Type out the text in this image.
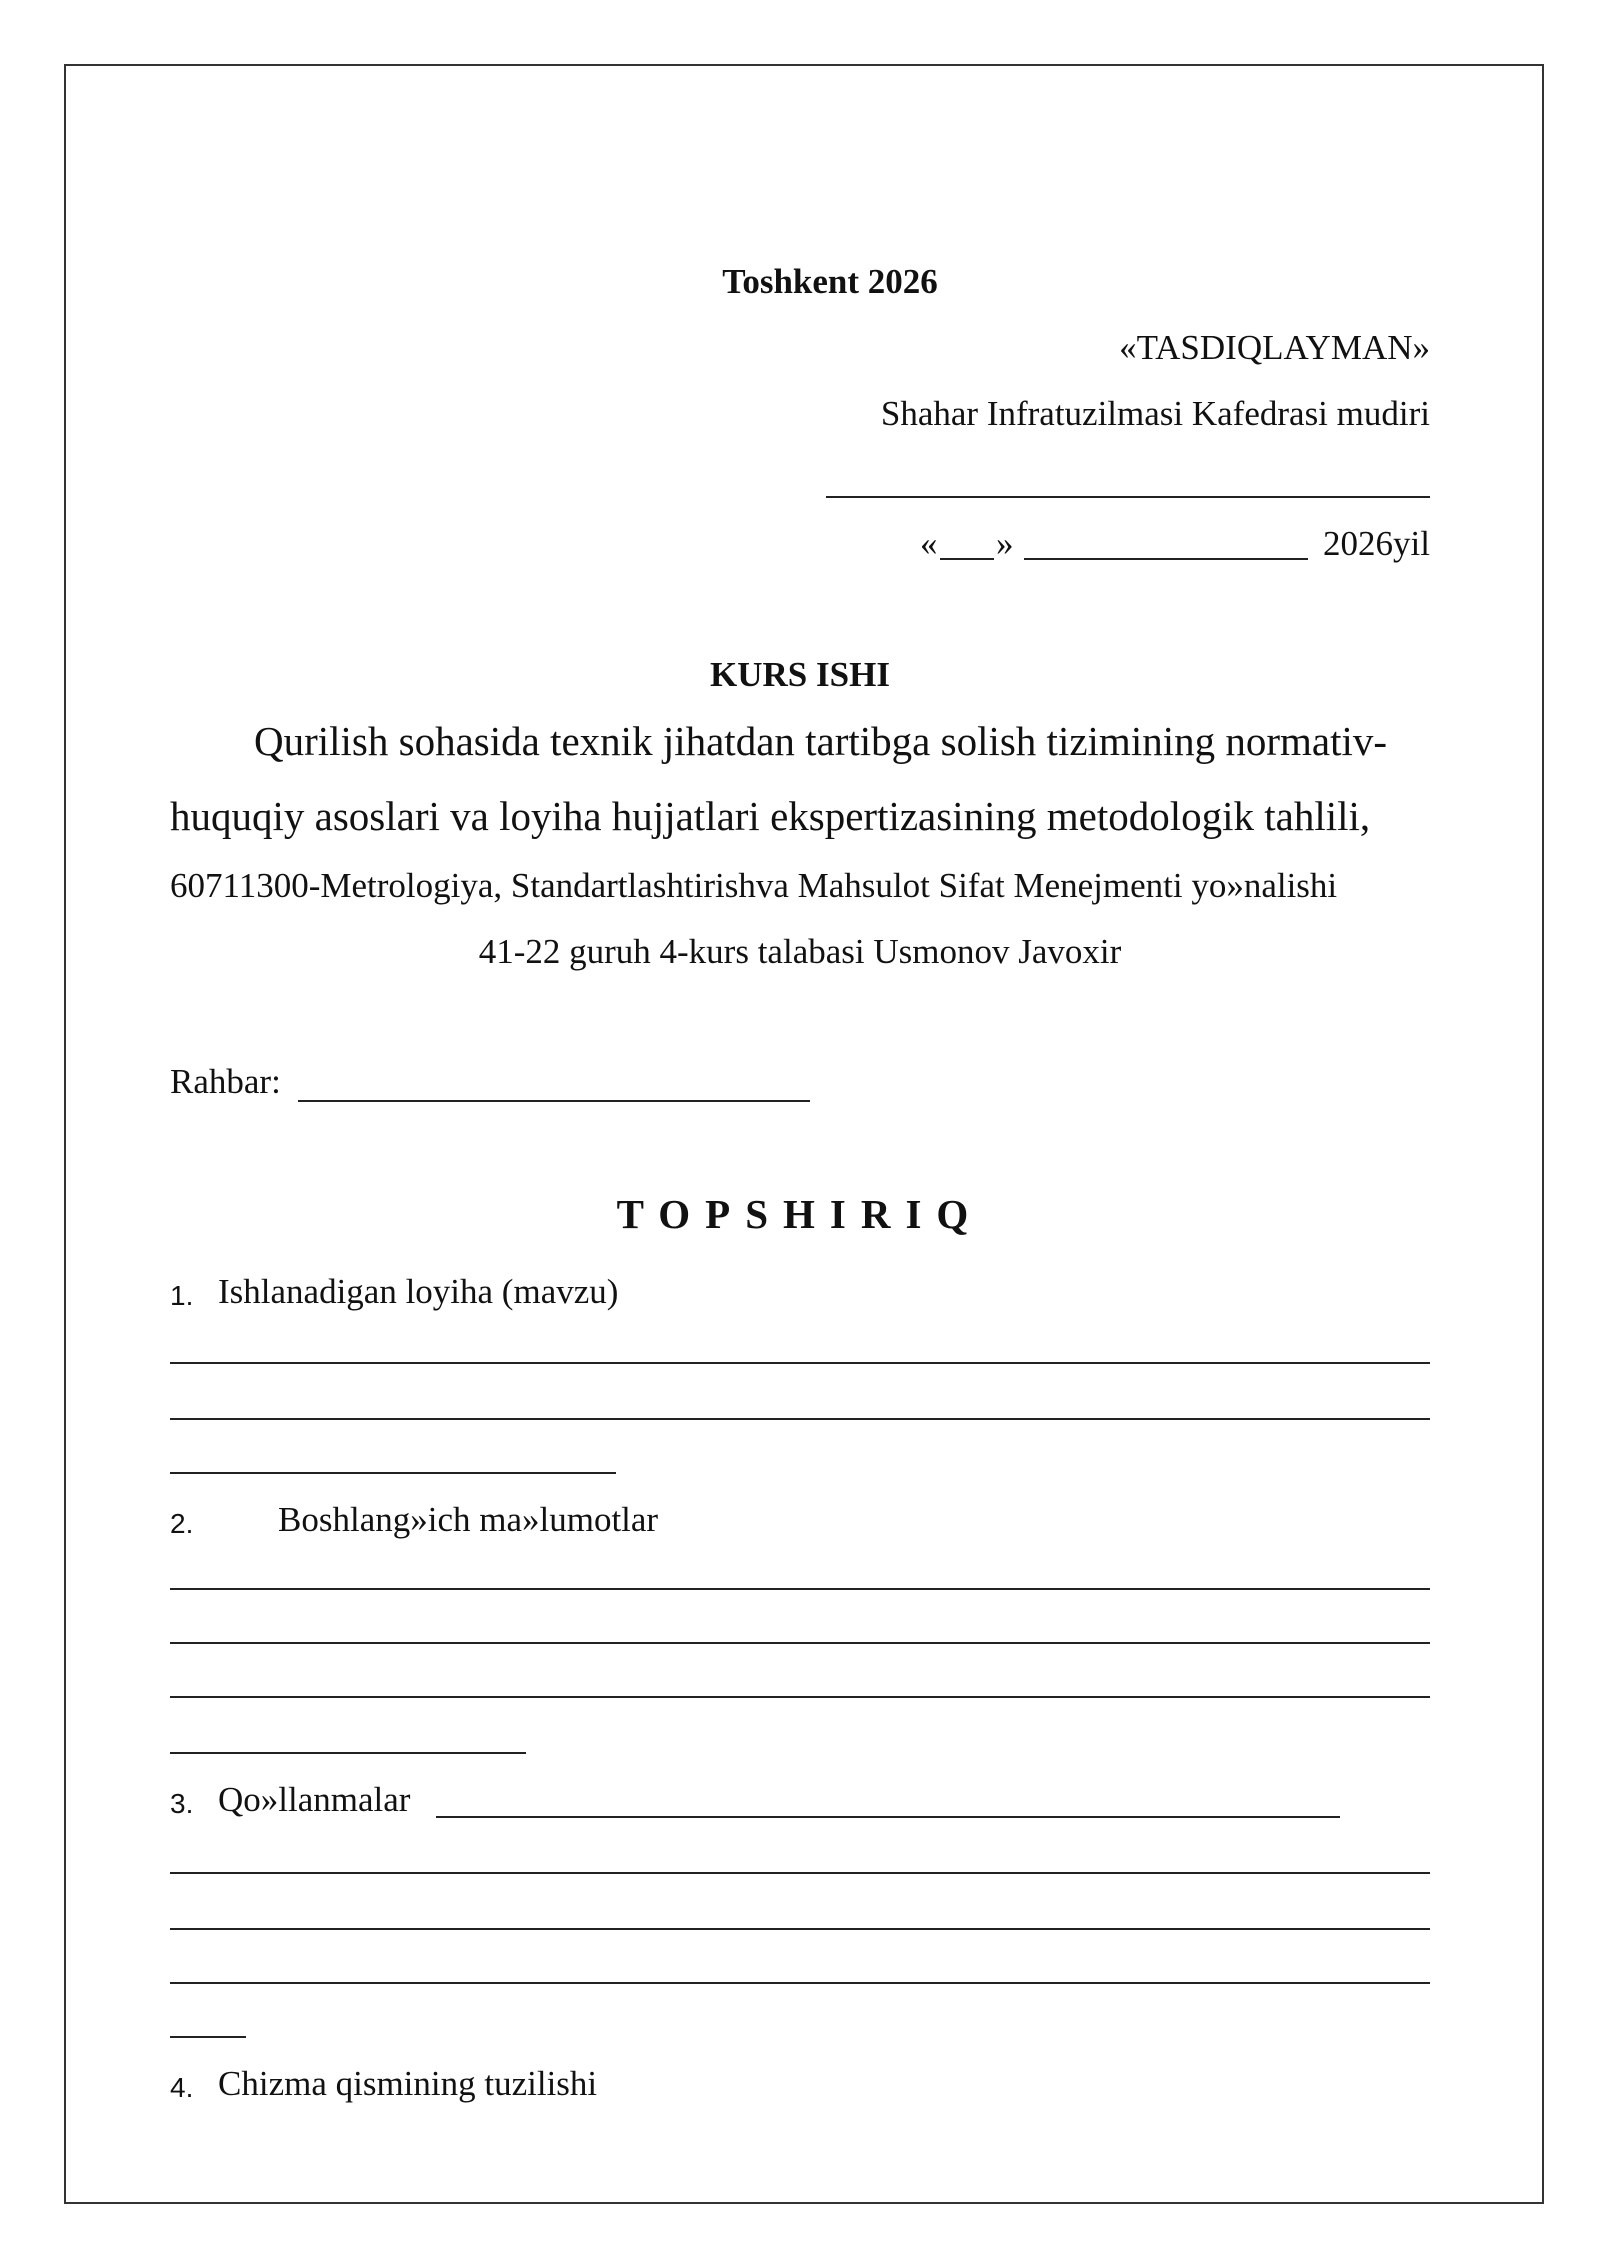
Toshkent 2026
«TASDIQLAYMAN»
Shahar Infratuzilmasi Kafedrasi mudiri
« »	2026yil
KURS ISHI
Qurilish sohasida texnik jihatdan tartibga solish tizimining normativ-
huquqiy asoslari va loyiha hujjatlari ekspertizasining metodologik tahlili,
60711300-Metrologiya, Standartlashtirishva Mahsulot Sifat Menejmenti yo»nalishi
41-22 guruh 4-kurs talabasi Usmonov Javoxir
Rahbar:
TOPSHIRIQ
1. Ishlanadigan loyiha (mavzu)
2. Boshlang»ich ma»lumotlar
3. Qo»llanmalar
4. Chizma qismining tuzilishi
